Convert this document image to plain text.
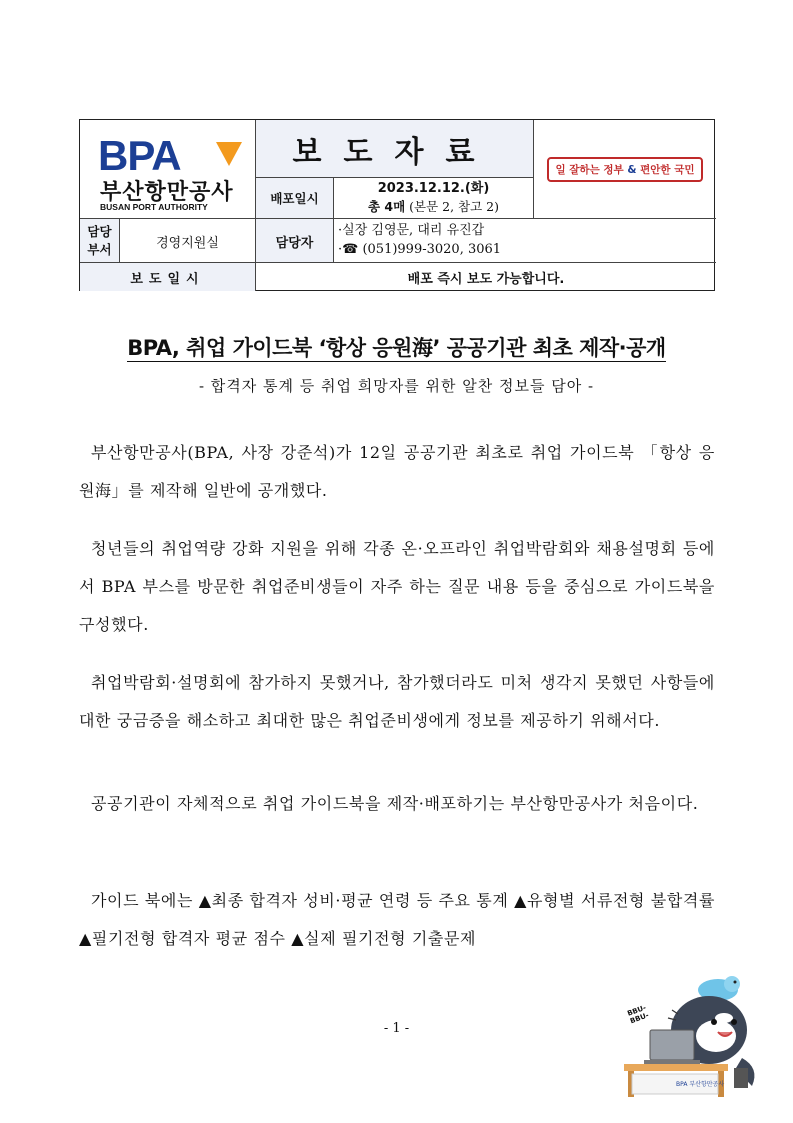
BPA
부산항만공사
BUSAN PORT AUTHORITY
보도자료	일 잘하는 정부 & 편안한 국민
배포일시
2023.12.12.(화)
총 4매 (본문 2, 참고 2)
담당 부서	경영지원실	담당자
·실장 김영문, 대리 유진갑
·☎ (051)999-3020, 3061
보도일시	배포 즉시 보도 가능합니다.
BPA, 취업 가이드북 ‘항상 응원海’ 공공기관 최초 제작·공개
- 합격자 통계 등 취업 희망자를 위한 알찬 정보들 담아 -

부산항만공사(BPA, 사장 강준석)가 12일 공공기관 최초로 취업 가이드북 「항상 응원海」를 제작해 일반에 공개했다.

청년들의 취업역량 강화 지원을 위해 각종 온·오프라인 취업박람회와 채용설명회 등에서 BPA 부스를 방문한 취업준비생들이 자주 하는 질문 내용 등을 중심으로 가이드북을 구성했다.

취업박람회·설명회에 참가하지 못했거나, 참가했더라도 미처 생각지 못했던 사항들에 대한 궁금증을 해소하고 최대한 많은 취업준비생에게 정보를 제공하기 위해서다.

공공기관이 자체적으로 취업 가이드북을 제작·배포하기는 부산항만공사가 처음이다.

가이드 북에는 ▲최종 합격자 성비·평균 연령 등 주요 통계 ▲유형별 서류전형 불합격률 ▲필기전형 합격자 평균 점수 ▲실제 필기전형 기출문제

- 1 -
BBU- BBU-
BPA 부산항만공사
